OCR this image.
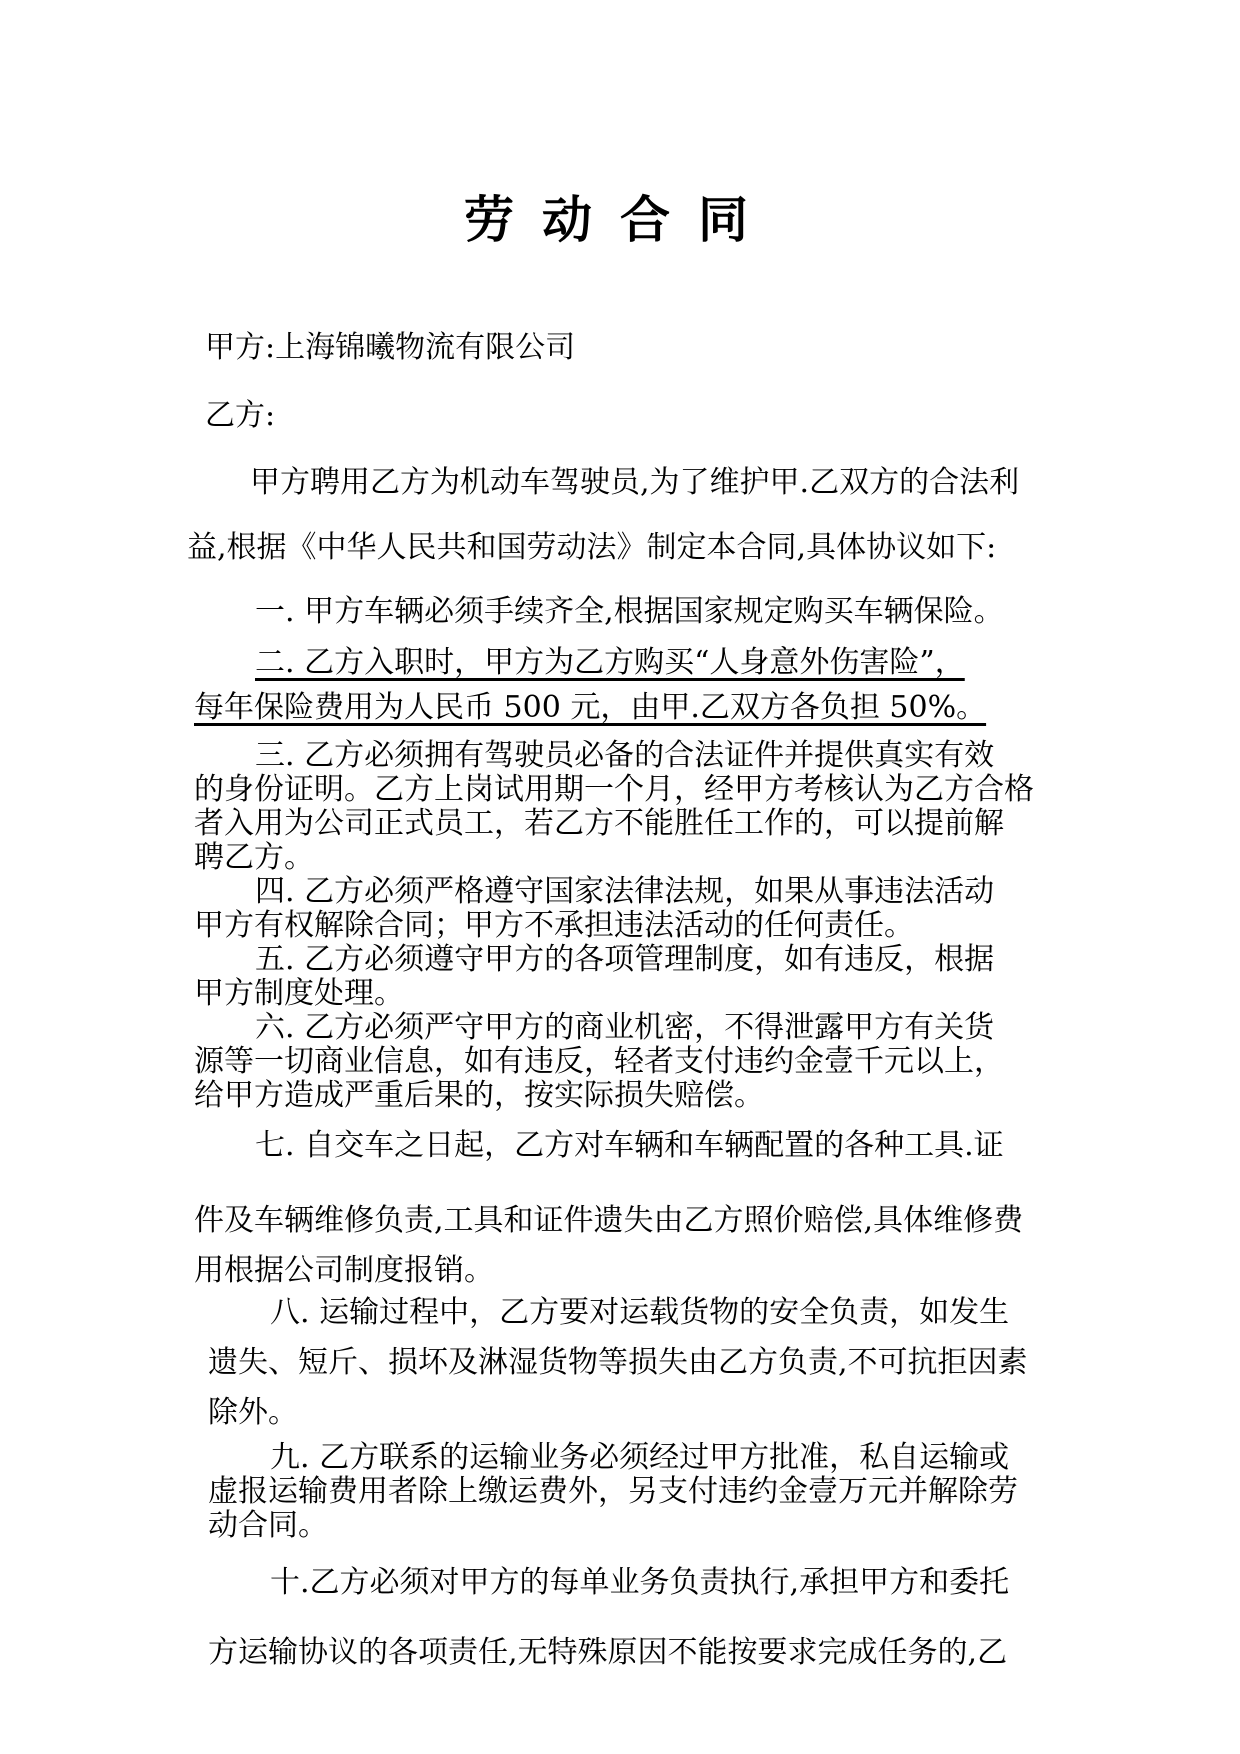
劳动合同
甲方:上海锦曦物流有限公司
乙方:
甲方聘用乙方为机动车驾驶员,为了维护甲.乙双方的合法利
益,根据《中华人民共和国劳动法》制定本合同,具体协议如下:
一. 甲方车辆必须手续齐全,根据国家规定购买车辆保险。
二. 乙方入职时，甲方为乙方购买“人身意外伤害险”，
每年保险费用为人民币 500 元，由甲.乙双方各负担 50%。
三. 乙方必须拥有驾驶员必备的合法证件并提供真实有效
的身份证明。乙方上岗试用期一个月，经甲方考核认为乙方合格
者入用为公司正式员工，若乙方不能胜任工作的，可以提前解
聘乙方。
四. 乙方必须严格遵守国家法律法规，如果从事违法活动
甲方有权解除合同；甲方不承担违法活动的任何责任。
五. 乙方必须遵守甲方的各项管理制度，如有违反，根据
甲方制度处理。
六. 乙方必须严守甲方的商业机密，不得泄露甲方有关货
源等一切商业信息，如有违反，轻者支付违约金壹千元以上，
给甲方造成严重后果的，按实际损失赔偿。
七. 自交车之日起，乙方对车辆和车辆配置的各种工具.证
件及车辆维修负责,工具和证件遗失由乙方照价赔偿,具体维修费
用根据公司制度报销。
八. 运输过程中，乙方要对运载货物的安全负责，如发生
遗失、短斤、损坏及淋湿货物等损失由乙方负责,不可抗拒因素
除外。
九. 乙方联系的运输业务必须经过甲方批准，私自运输或
虚报运输费用者除上缴运费外，另支付违约金壹万元并解除劳
动合同。
十.乙方必须对甲方的每单业务负责执行,承担甲方和委托
方运输协议的各项责任,无特殊原因不能按要求完成任务的,乙
